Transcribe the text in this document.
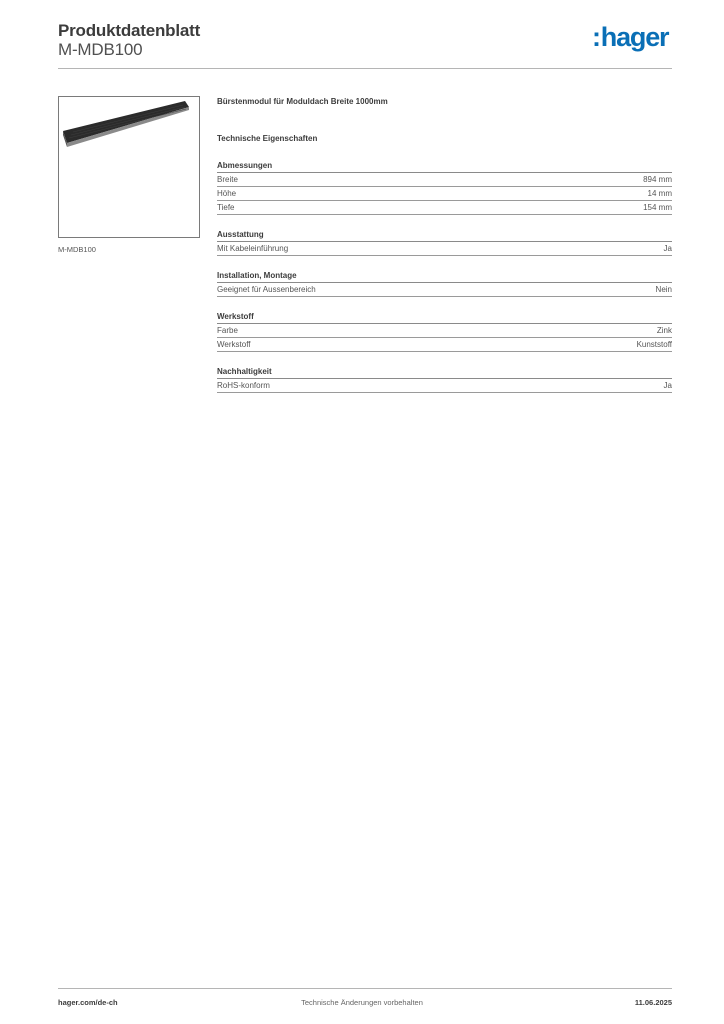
Produktdatenblatt
M-MDB100	:hager
M-MDB100
Bürstenmodul für Moduldach Breite 1000mm
Technische Eigenschaften
Abmessungen
Breite	894 mm
Höhe	14 mm
Tiefe	154 mm
Ausstattung
Mit Kabeleinführung	Ja
Installation, Montage
Geeignet für Aussenbereich	Nein
Werkstoff
Farbe	Zink
Werkstoff	Kunststoff
Nachhaltigkeit
RoHS-konform	Ja
hager.com/de-ch	Technische Änderungen vorbehalten	11.06.2025
